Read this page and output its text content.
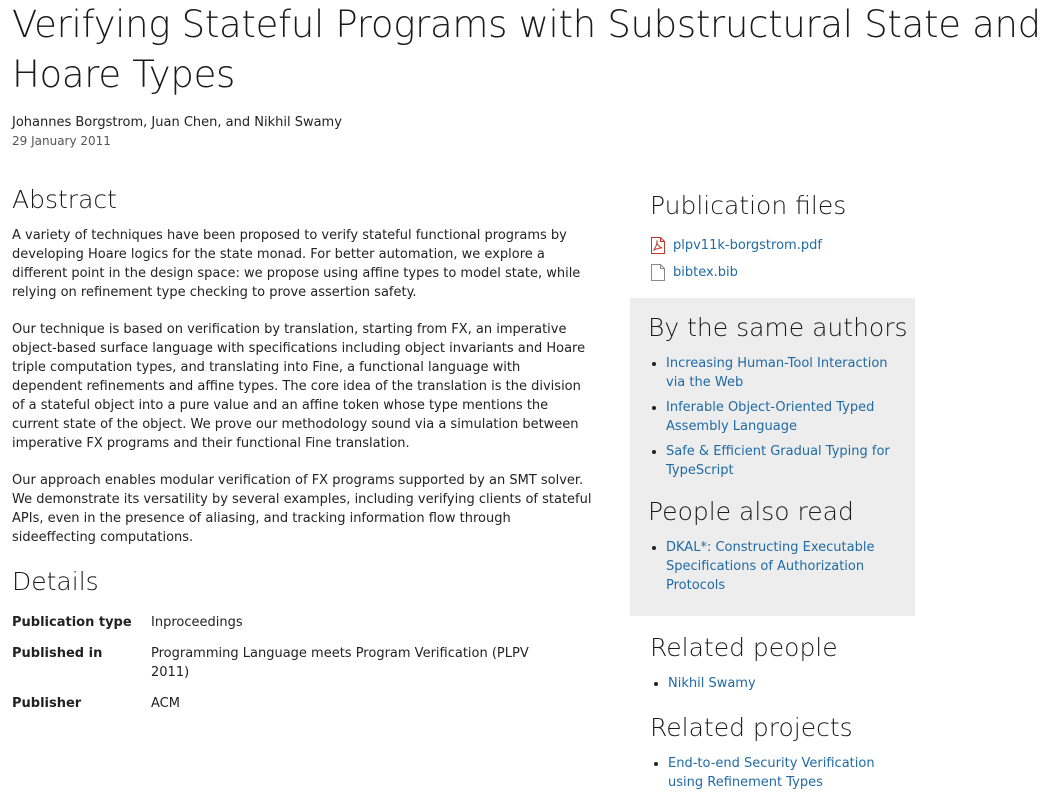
Verifying Stateful Programs with Substructural State and
Hoare Types
Johannes Borgstrom, Juan Chen, and Nikhil Swamy
29 January 2011
Abstract

A variety of techniques have been proposed to verify stateful functional programs by developing Hoare logics for the state monad. For better automation, we explore a different point in the design space: we propose using affine types to model state, while relying on refinement type checking to prove assertion safety.

Our technique is based on verification by translation, starting from FX, an imperative object-based surface language with specifications including object invariants and Hoare triple computation types, and translating into Fine, a functional language with dependent refinements and affine types. The core idea of the translation is the division of a stateful object into a pure value and an affine token whose type mentions the current state of the object. We prove our methodology sound via a simulation between imperative FX programs and their functional Fine translation.

Our approach enables modular verification of FX programs supported by an SMT solver. We demonstrate its versatility by several examples, including verifying clients of stateful APIs, even in the presence of aliasing, and tracking information flow through sideeffecting computations.

Details
Publication type	Inproceedings
Published in	Programming Language meets Program Verification (PLPV 2011)
Publisher	ACM
Publication files
plpv11k-borgstrom.pdf
bibtex.bib
By the same authors
• Increasing Human-Tool Interaction via the Web
• Inferable Object-Oriented Typed Assembly Language
• Safe & Efficient Gradual Typing for TypeScript
People also read
• DKAL*: Constructing Executable Specifications of Authorization Protocols
Related people
• Nikhil Swamy
Related projects
• End-to-end Security Verification using Refinement Types
